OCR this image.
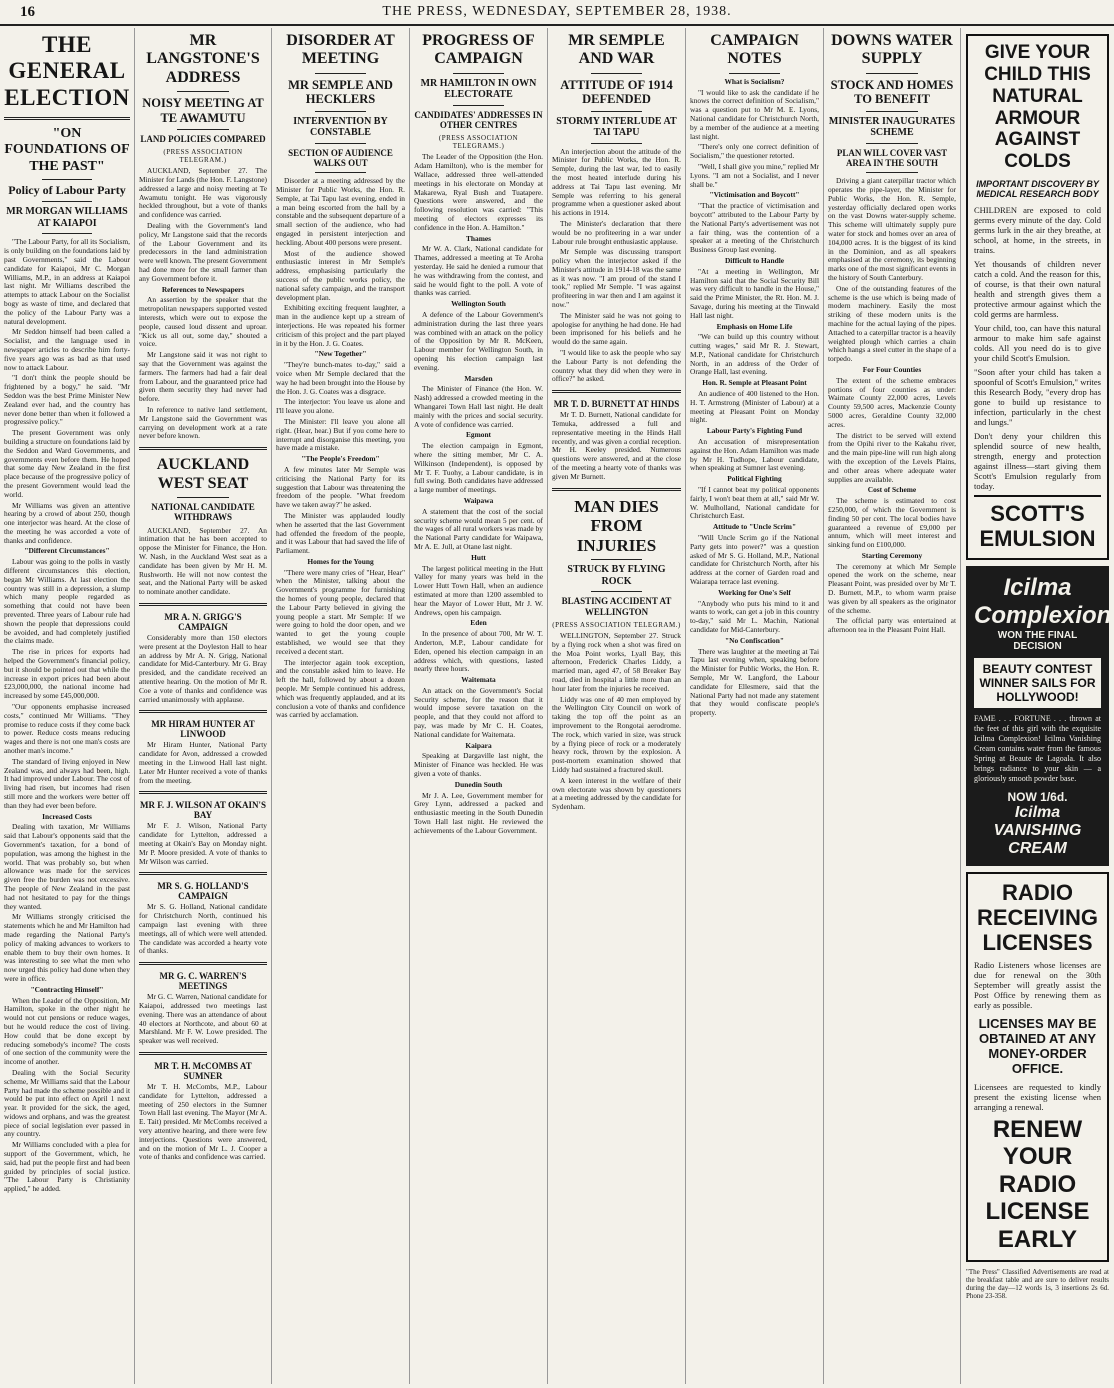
16	THE PRESS, WEDNESDAY, SEPTEMBER 28, 1938.
THE GENERAL ELECTION
"ON FOUNDATIONS OF THE PAST"
Policy of Labour Party
MR MORGAN WILLIAMS AT KAIAPOI

"The Labour Party, for all its Socialism, is only building on the foundations laid by past Governments," said the Labour candidate for Kaiapoi, Mr C. Morgan Williams, M.P., in an address at Kaiapoi last night. Mr Williams described the attempts to attack Labour on the Socialist bogy as waste of time, and declared that the policy of the Labour Party was a natural development.

Mr Seddon himself had been called a Socialist, and the language used in newspaper articles to describe him forty-five years ago was as bad as that used now to attack Labour.

"I don't think the people should be frightened by a bogy," he said. "Mr Seddon was the best Prime Minister New Zealand ever had, and the country has never done better than when it followed a progressive policy."

The present Government was only building a structure on foundations laid by the Seddon and Ward Governments, and governments even before them. He hoped that some day New Zealand in the first place because of the progressive policy of the present Government would lead the world.

Mr Williams was given an attentive hearing by a crowd of about 250, though one interjector was heard. At the close of the meeting he was accorded a vote of thanks and confidence.

"Different Circumstances"

Labour was going to the polls in vastly different circumstances this election, began Mr Williams. At last election the country was still in a depression, a slump which many people regarded as something that could not have been prevented. Three years of Labour rule had shown the people that depressions could be avoided, and had completely justified the claims made.

The rise in prices for exports had helped the Government's financial policy, but it should be pointed out that while the increase in export prices had been about £23,000,000, the national income had increased by some £45,000,000.

"Our opponents emphasise increased costs," continued Mr Williams. "They promise to reduce costs if they come back to power. Reduce costs means reducing wages and there is not one man's costs are another man's income."

The standard of living enjoyed in New Zealand was, and always had been, high. It had improved under Labour. The cost of living had risen, but incomes had risen still more and the workers were better off than they had ever been before.

Increased Costs

Dealing with taxation, Mr Williams said that Labour's opponents said that the Government's taxation, for a bond of population, was among the highest in the world. That was probably so, but when allowance was made for the services given free the burden was not excessive. The people of New Zealand in the past had not hesitated to pay for the things they wanted.

Mr Williams strongly criticised the statements which he and Mr Hamilton had made regarding the National Party's policy of making advances to workers to enable them to buy their own homes. It was interesting to see what the men who now urged this policy had done when they were in office.

"Contracting Himself"

When the Leader of the Opposition, Mr Hamilton, spoke in the other night he would not cut pensions or reduce wages, but he would reduce the cost of living. How could that be done except by reducing somebody's income? The costs of one section of the community were the income of another.

Dealing with the Social Security scheme, Mr Williams said that the Labour Party had made the scheme possible and it would be put into effect on April 1 next year. It provided for the sick, the aged, widows and orphans, and was the greatest piece of social legislation ever passed in any country.

Mr Williams concluded with a plea for support of the Government, which, he said, had put the people first and had been guided by principles of social justice. "The Labour Party is Christianity applied," he added.

MR LANGSTONE'S ADDRESS
NOISY MEETING AT TE AWAMUTU
LAND POLICIES COMPARED
(PRESS ASSOCIATION TELEGRAM.)

AUCKLAND, September 27. The Minister for Lands (the Hon. F. Langstone) addressed a large and noisy meeting at Te Awamutu tonight. He was vigorously heckled throughout, but a vote of thanks and confidence was carried.

Dealing with the Government's land policy, Mr Langstone said that the records of the Labour Government and its predecessors in the land administration were well known. The present Government had done more for the small farmer than any Government before it.

References to Newspapers

An assertion by the speaker that the metropolitan newspapers supported vested interests, which were out to expose the people, caused loud dissent and uproar. "Kick us all out, some day," shouted a voice.

Mr Langstone said it was not right to say that the Government was against the farmers. The farmers had had a fair deal from Labour, and the guaranteed price had given them security they had never had before.

In reference to native land settlement, Mr Langstone said the Government was carrying on development work at a rate never before known.

AUCKLAND WEST SEAT
NATIONAL CANDIDATE WITHDRAWS

AUCKLAND, September 27. An intimation that he has been accepted to oppose the Minister for Finance, the Hon. W. Nash, in the Auckland West seat as a candidate has been given by Mr H. M. Rushworth. He will not now contest the seat, and the National Party will be asked to nominate another candidate.

MR A. N. GRIGG'S CAMPAIGN

Considerably more than 150 electors were present at the Doyleston Hall to hear an address by Mr A. N. Grigg, National candidate for Mid-Canterbury. Mr G. Bray presided, and the candidate received an attentive hearing. On the motion of Mr R. Coe a vote of thanks and confidence was carried unanimously with applause.

MR HIRAM HUNTER AT LINWOOD

Mr Hiram Hunter, National Party candidate for Avon, addressed a crowded meeting in the Linwood Hall last night. Later Mr Hunter received a vote of thanks from the meeting.

MR F. J. WILSON AT OKAIN'S BAY

Mr F. J. Wilson, National Party candidate for Lyttelton, addressed a meeting at Okain's Bay on Monday night. Mr P. Moore presided. A vote of thanks to Mr Wilson was carried.

MR S. G. HOLLAND'S CAMPAIGN

Mr S. G. Holland, National candidate for Christchurch North, continued his campaign last evening with three meetings, all of which were well attended. The candidate was accorded a hearty vote of thanks.

MR G. C. WARREN'S MEETINGS

Mr G. C. Warren, National candidate for Kaiapoi, addressed two meetings last evening. There was an attendance of about 40 electors at Northcote, and about 60 at Marshland. Mr F. W. Lowe presided. The speaker was well received.

MR T. H. McCOMBS AT SUMNER

Mr T. H. McCombs, M.P., Labour candidate for Lyttelton, addressed a meeting of 250 electors in the Sumner Town Hall last evening. The Mayor (Mr A. E. Tait) presided. Mr McCombs received a very attentive hearing, and there were few interjections. Questions were answered, and on the motion of Mr L. J. Cooper a vote of thanks and confidence was carried.

DISORDER AT MEETING
MR SEMPLE AND HECKLERS
INTERVENTION BY CONSTABLE
SECTION OF AUDIENCE WALKS OUT

Disorder at a meeting addressed by the Minister for Public Works, the Hon. R. Semple, at Tai Tapu last evening, ended in a man being escorted from the hall by a constable and the subsequent departure of a small section of the audience, who had engaged in persistent interjection and heckling. About 400 persons were present.

Most of the audience showed enthusiastic interest in Mr Semple's address, emphasising particularly the success of the public works policy, the national safety campaign, and the transport development plan.

Exhibiting exciting frequent laughter, a man in the audience kept up a stream of interjections. He was repeated his former criticism of this project and the part played in it by the Hon. J. G. Coates.

"New Together"

"They're bunch-mates to-day," said a voice when Mr Semple declared that the way he had been brought into the House by the Hon. J. G. Coates was a disgrace.

The interjector: You leave us alone and I'll leave you alone.

The Minister: I'll leave you alone all right. (Hear, hear.) But if you come here to interrupt and disorganise this meeting, you have made a mistake.

"The People's Freedom"

A few minutes later Mr Semple was criticising the National Party for its suggestion that Labour was threatening the freedom of the people. "What freedom have we taken away?" he asked.

The Minister was applauded loudly when he asserted that the last Government had offended the freedom of the people, and it was Labour that had saved the life of Parliament.

Homes for the Young

"There were many cries of "Hear, Hear" when the Minister, talking about the Government's programme for furnishing the homes of young people, declared that the Labour Party believed in giving the young people a start. Mr Semple: If we were going to hold the door open, and we wanted to get the young couple established, we would see that they received a decent start.

The interjector again took exception, and the constable asked him to leave. He left the hall, followed by about a dozen people. Mr Semple continued his address, which was frequently applauded, and at its conclusion a vote of thanks and confidence was carried by acclamation.

PROGRESS OF CAMPAIGN
MR HAMILTON IN OWN ELECTORATE
CANDIDATES' ADDRESSES IN OTHER CENTRES
(PRESS ASSOCIATION TELEGRAMS.)

The Leader of the Opposition (the Hon. Adam Hamilton), who is the member for Wallace, addressed three well-attended meetings in his electorate on Monday at Makarewa, Ryal Bush and Tuatapere. Questions were answered, and the following resolution was carried: "This meeting of electors expresses its confidence in the Hon. A. Hamilton."

Thames

Mr W. A. Clark, National candidate for Thames, addressed a meeting at Te Aroha yesterday. He said he denied a rumour that he was withdrawing from the contest, and said he would fight to the poll. A vote of thanks was carried.

Wellington South

A defence of the Labour Government's administration during the last three years was combined with an attack on the policy of the Opposition by Mr R. McKeen, Labour member for Wellington South, in opening his election campaign last evening.

Marsden

The Minister of Finance (the Hon. W. Nash) addressed a crowded meeting in the Whangarei Town Hall last night. He dealt mainly with the prices and social security. A vote of confidence was carried.

Egmont

The election campaign in Egmont, where the sitting member, Mr C. A. Wilkinson (Independent), is opposed by Mr T. F. Tuohy, a Labour candidate, is in full swing. Both candidates have addressed a large number of meetings.

Waipawa

A statement that the cost of the social security scheme would mean 5 per cent. of the wages of all rural workers was made by the National Party candidate for Waipawa, Mr A. E. Jull, at Otane last night.

Hutt

The largest political meeting in the Hutt Valley for many years was held in the Lower Hutt Town Hall, when an audience estimated at more than 1200 assembled to hear the Mayor of Lower Hutt, Mr J. W. Andrews, open his campaign.

Eden

In the presence of about 700, Mr W. T. Anderton, M.P., Labour candidate for Eden, opened his election campaign in an address which, with questions, lasted nearly three hours.

Waitemata

An attack on the Government's Social Security scheme, for the reason that it would impose severe taxation on the people, and that they could not afford to pay, was made by Mr C. H. Coates, National candidate for Waitemata.

Kaipara

Speaking at Dargaville last night, the Minister of Finance was heckled. He was given a vote of thanks.

Dunedin South

Mr J. A. Lee, Government member for Grey Lynn, addressed a packed and enthusiastic meeting in the South Dunedin Town Hall last night. He reviewed the achievements of the Labour Government.

MR SEMPLE AND WAR
ATTITUDE OF 1914 DEFENDED
STORMY INTERLUDE AT TAI TAPU

An interjection about the attitude of the Minister for Public Works, the Hon. R. Semple, during the last war, led to easily the most heated interlude during his address at Tai Tapu last evening. Mr Semple was referring to his general programme when a questioner asked about his actions in 1914.

The Minister's declaration that there would be no profiteering in a war under Labour rule brought enthusiastic applause.

Mr Semple was discussing transport policy when the interjector asked if the Minister's attitude in 1914-18 was the same as it was now. "I am proud of the stand I took," replied Mr Semple. "I was against profiteering in war then and I am against it now."

The Minister said he was not going to apologise for anything he had done. He had been imprisoned for his beliefs and he would do the same again.

"I would like to ask the people who say the Labour Party is not defending the country what they did when they were in office?" he asked.

MR T. D. BURNETT AT HINDS

Mr T. D. Burnett, National candidate for Temuka, addressed a full and representative meeting in the Hinds Hall recently, and was given a cordial reception. Mr H. Keeley presided. Numerous questions were answered, and at the close of the meeting a hearty vote of thanks was given Mr Burnett.

MAN DIES FROM INJURIES
STRUCK BY FLYING ROCK
BLASTING ACCIDENT AT WELLINGTON
(PRESS ASSOCIATION TELEGRAM.)

WELLINGTON, September 27. Struck by a flying rock when a shot was fired on the Moa Point works, Lyall Bay, this afternoon, Frederick Charles Liddy, a married man, aged 47, of 58 Breaker Bay road, died in hospital a little more than an hour later from the injuries he received.

Liddy was one of 40 men employed by the Wellington City Council on work of taking the top off the point as an improvement to the Rongotai aerodrome. The rock, which varied in size, was struck by a flying piece of rock or a moderately heavy rock, thrown by the explosion. A post-mortem examination showed that Liddy had sustained a fractured skull.

A keen interest in the welfare of their own electorate was shown by questioners at a meeting addressed by the candidate for Sydenham.

CAMPAIGN NOTES

What is Socialism?

"I would like to ask the candidate if he knows the correct definition of Socialism," was a question put to Mr M. E. Lyons, National candidate for Christchurch North, by a member of the audience at a meeting last night.

"There's only one correct definition of Socialism," the questioner retorted.

"Well, I shall give you mine," replied Mr Lyons. "I am not a Socialist, and I never shall be."

"Victimisation and Boycott"

"That the practice of victimisation and boycott" attributed to the Labour Party by the National Party's advertisement was not a fair thing, was the contention of a speaker at a meeting of the Christchurch Business Group last evening.

Difficult to Handle

"At a meeting in Wellington, Mr Hamilton said that the Social Security Bill was very difficult to handle in the House," said the Prime Minister, the Rt. Hon. M. J. Savage, during his meeting at the Tinwald Hall last night.

Emphasis on Home Life

"We can build up this country without cutting wages," said Mr R. J. Stewart, M.P., National candidate for Christchurch North, in an address of the Order of Orange Hall, last evening.

Hon. R. Semple at Pleasant Point

An audience of 400 listened to the Hon. H. T. Armstrong (Minister of Labour) at a meeting at Pleasant Point on Monday night.

Labour Party's Fighting Fund

An accusation of misrepresentation against the Hon. Adam Hamilton was made by Mr H. Tudhope, Labour candidate, when speaking at Sumner last evening.

Political Fighting

"If I cannot beat my political opponents fairly, I won't beat them at all," said Mr W. W. Mulholland, National candidate for Christchurch East.

Attitude to "Uncle Scrim"

"Will Uncle Scrim go if the National Party gets into power?" was a question asked of Mr S. G. Holland, M.P., National candidate for Christchurch North, after his address at the corner of Garden road and Waiarapa terrace last evening.

Working for One's Self

"Anybody who puts his mind to it and wants to work, can get a job in this country to-day," said Mr L. Machin, National candidate for Mid-Canterbury.

"No Confiscation"

There was laughter at the meeting at Tai Tapu last evening when, speaking before the Minister for Public Works, the Hon. R. Semple, Mr W. Langford, the Labour candidate for Ellesmere, said that the National Party had not made any statement that they would confiscate people's property.

DOWNS WATER SUPPLY
STOCK AND HOMES TO BENEFIT
MINISTER INAUGURATES SCHEME
PLAN WILL COVER VAST AREA IN THE SOUTH

Driving a giant caterpillar tractor which operates the pipe-layer, the Minister for Public Works, the Hon. R. Semple, yesterday officially declared open works on the vast Downs water-supply scheme. This scheme will ultimately supply pure water for stock and homes over an area of 104,000 acres. It is the biggest of its kind in the Dominion, and as all speakers emphasised at the ceremony, its beginning marks one of the most significant events in the history of South Canterbury.

One of the outstanding features of the scheme is the use which is being made of modern machinery. Easily the most striking of these modern units is the machine for the actual laying of the pipes. Attached to a caterpillar tractor is a heavily weighted plough which carries a chain which hangs a steel cutter in the shape of a torpedo.

For Four Counties

The extent of the scheme embraces portions of four counties as under: Waimate County 22,000 acres, Levels County 59,500 acres, Mackenzie County 5000 acres, Geraldine County 32,000 acres.

The district to be served will extend from the Opihi river to the Kakahu river, and the main pipe-line will run high along with the exception of the Levels Plains, and other areas where adequate water supplies are available.

Cost of Scheme

The scheme is estimated to cost £250,000, of which the Government is finding 50 per cent. The local bodies have guaranteed a revenue of £9,000 per annum, which will meet interest and sinking fund on £100,000.

Starting Ceremony

The ceremony at which Mr Semple opened the work on the scheme, near Pleasant Point, was presided over by Mr T. D. Burnett, M.P., to whom warm praise was given by all speakers as the originator of the scheme.

The official party was entertained at afternoon tea in the Pleasant Point Hall.

GIVE YOUR CHILD THIS NATURAL ARMOUR AGAINST COLDS
IMPORTANT DISCOVERY BY MEDICAL RESEARCH BODY

CHILDREN are exposed to cold germs every minute of the day. Cold germs lurk in the air they breathe, at school, at home, in the streets, in trains.

Yet thousands of children never catch a cold. And the reason for this, of course, is that their own natural health and strength gives them a protective armour against which the cold germs are harmless.

Your child, too, can have this natural armour to make him safe against colds. All you need do is to give your child Scott's Emulsion.

"Soon after your child has taken a spoonful of Scott's Emulsion," writes this Research Body, "every drop has gone to build up resistance to infection, particularly in the chest and lungs."

Don't deny your children this splendid source of new health, strength, energy and protection against illness—start giving them Scott's Emulsion regularly from today.

SCOTT'S EMULSION
Icilma Complexion
WON THE FINAL DECISION
BEAUTY CONTEST WINNER SAILS FOR HOLLYWOOD!
FAME . . . FORTUNE . . . thrown at the feet of this girl with the exquisite Icilma Complexion! Icilma Vanishing Cream contains water from the famous Spring at Beaute de Lagoala. It also brings radiance to your skin — a gloriously smooth powder base.
NOW 1/6d.
Icilma VANISHING CREAM
RADIO RECEIVING LICENSES

Radio Listeners whose licenses are due for renewal on the 30th September will greatly assist the Post Office by renewing them as early as possible.

LICENSES MAY BE OBTAINED AT ANY MONEY-ORDER OFFICE.

Licensees are requested to kindly present the existing license when arranging a renewal.

RENEW YOUR RADIO LICENSE EARLY

"The Press" Classified Advertisements are read at the breakfast table and are sure to deliver results during the day—12 words 1s, 3 insertions 2s 6d. Phone 23-358.
